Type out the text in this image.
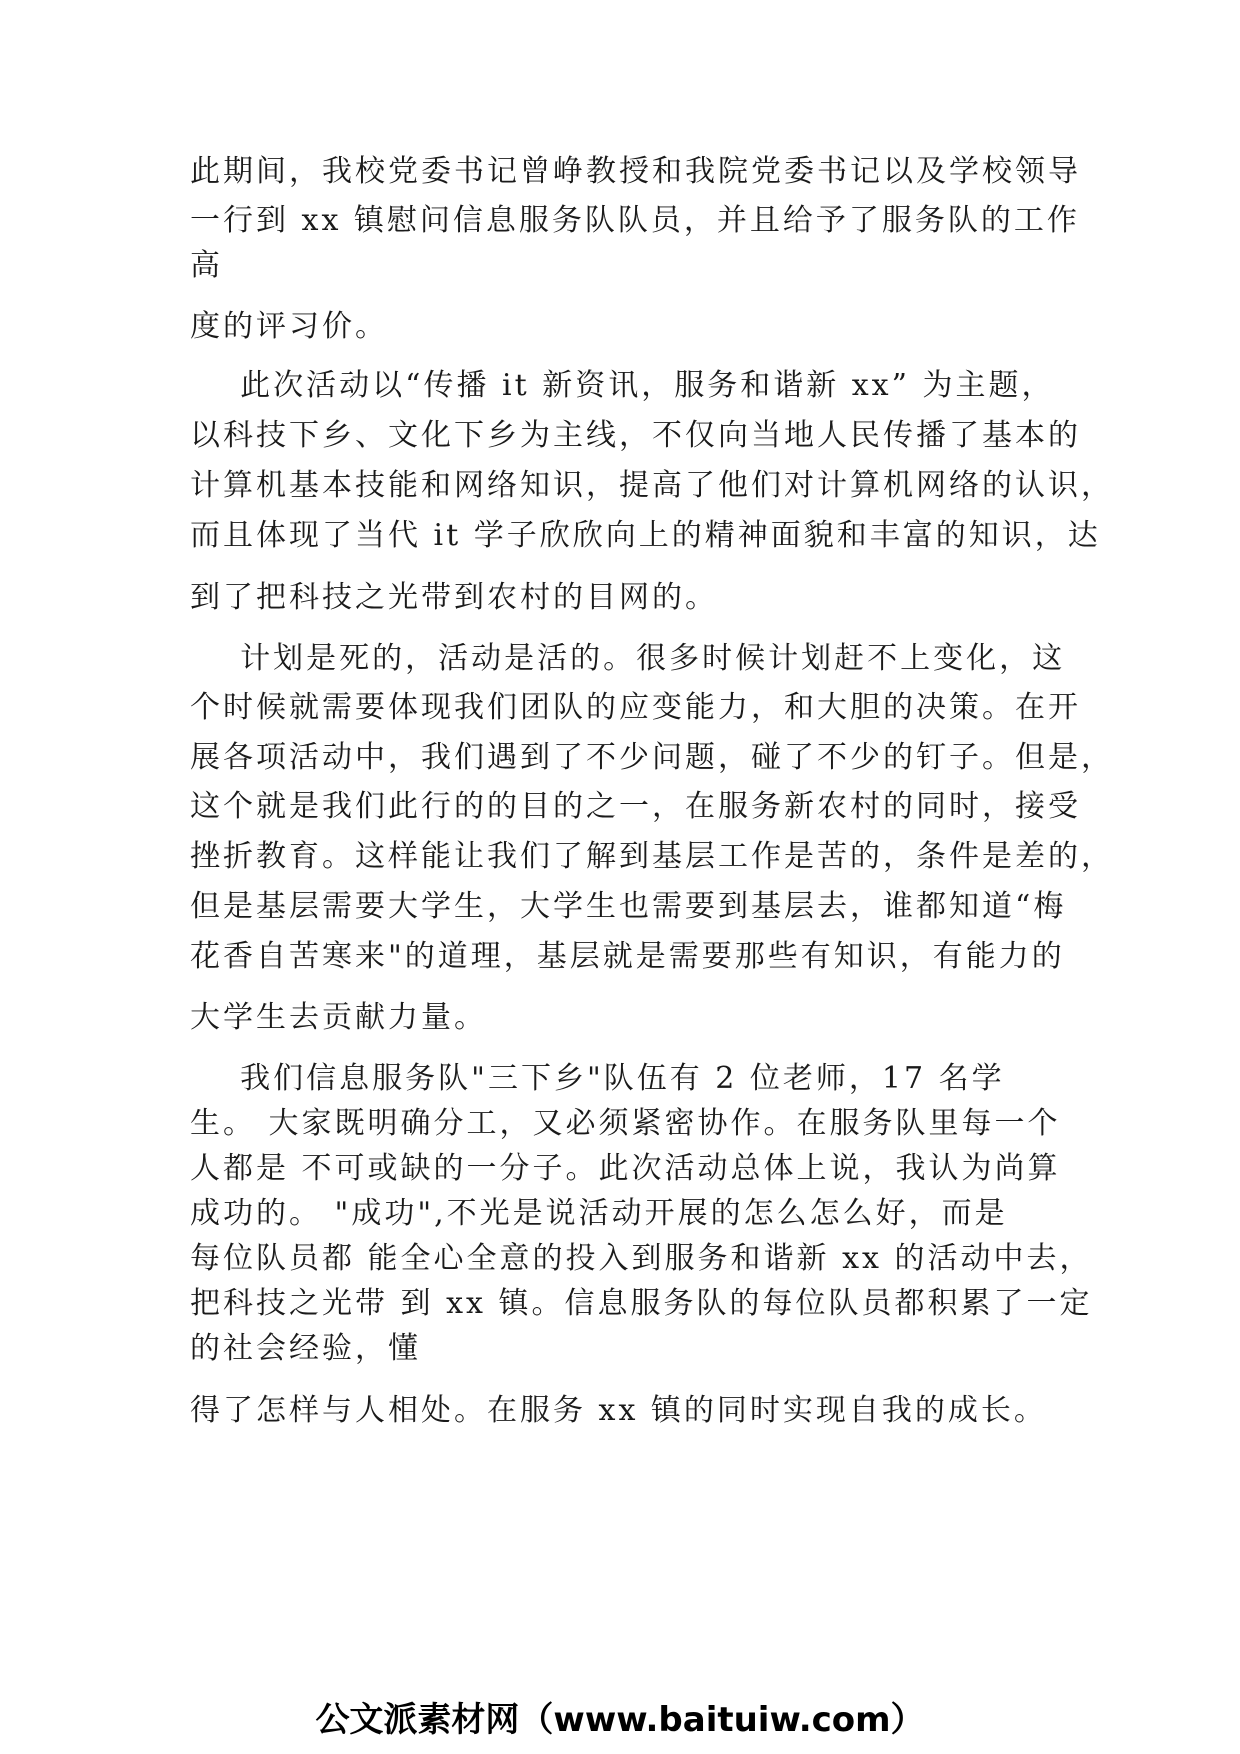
此期间，我校党委书记曾峥教授和我院党委书记以及学校领导
一行到 xx 镇慰问信息服务队队员，并且给予了服务队的工作
高
度的评习价。
此次活动以“传播 it 新资讯，服务和谐新 xx” 为主题，
以科技下乡、文化下乡为主线，不仅向当地人民传播了基本的
计算机基本技能和网络知识，提高了他们对计算机网络的认识，
而且体现了当代 it 学子欣欣向上的精神面貌和丰富的知识，达
到了把科技之光带到农村的目网的。
计划是死的，活动是活的。很多时候计划赶不上变化，这
个时候就需要体现我们团队的应变能力，和大胆的决策。在开
展各项活动中，我们遇到了不少问题，碰了不少的钉子。但是，
这个就是我们此行的的目的之一，在服务新农村的同时，接受
挫折教育。这样能让我们了解到基层工作是苦的，条件是差的，
但是基层需要大学生，大学生也需要到基层去，谁都知道“梅
花香自苦寒来"的道理，基层就是需要那些有知识，有能力的
大学生去贡献力量。
我们信息服务队"三下乡"队伍有 2 位老师，17 名学
生。 大家既明确分工，又必须紧密协作。在服务队里每一个
人都是 不可或缺的一分子。此次活动总体上说，我认为尚算
成功的。 "成功",不光是说活动开展的怎么怎么好，而是
每位队员都 能全心全意的投入到服务和谐新 xx 的活动中去，
把科技之光带 到 xx 镇。信息服务队的每位队员都积累了一定
的社会经验，懂
得了怎样与人相处。在服务 xx 镇的同时实现自我的成长。
公文派素材网（www.baituiw.com）
